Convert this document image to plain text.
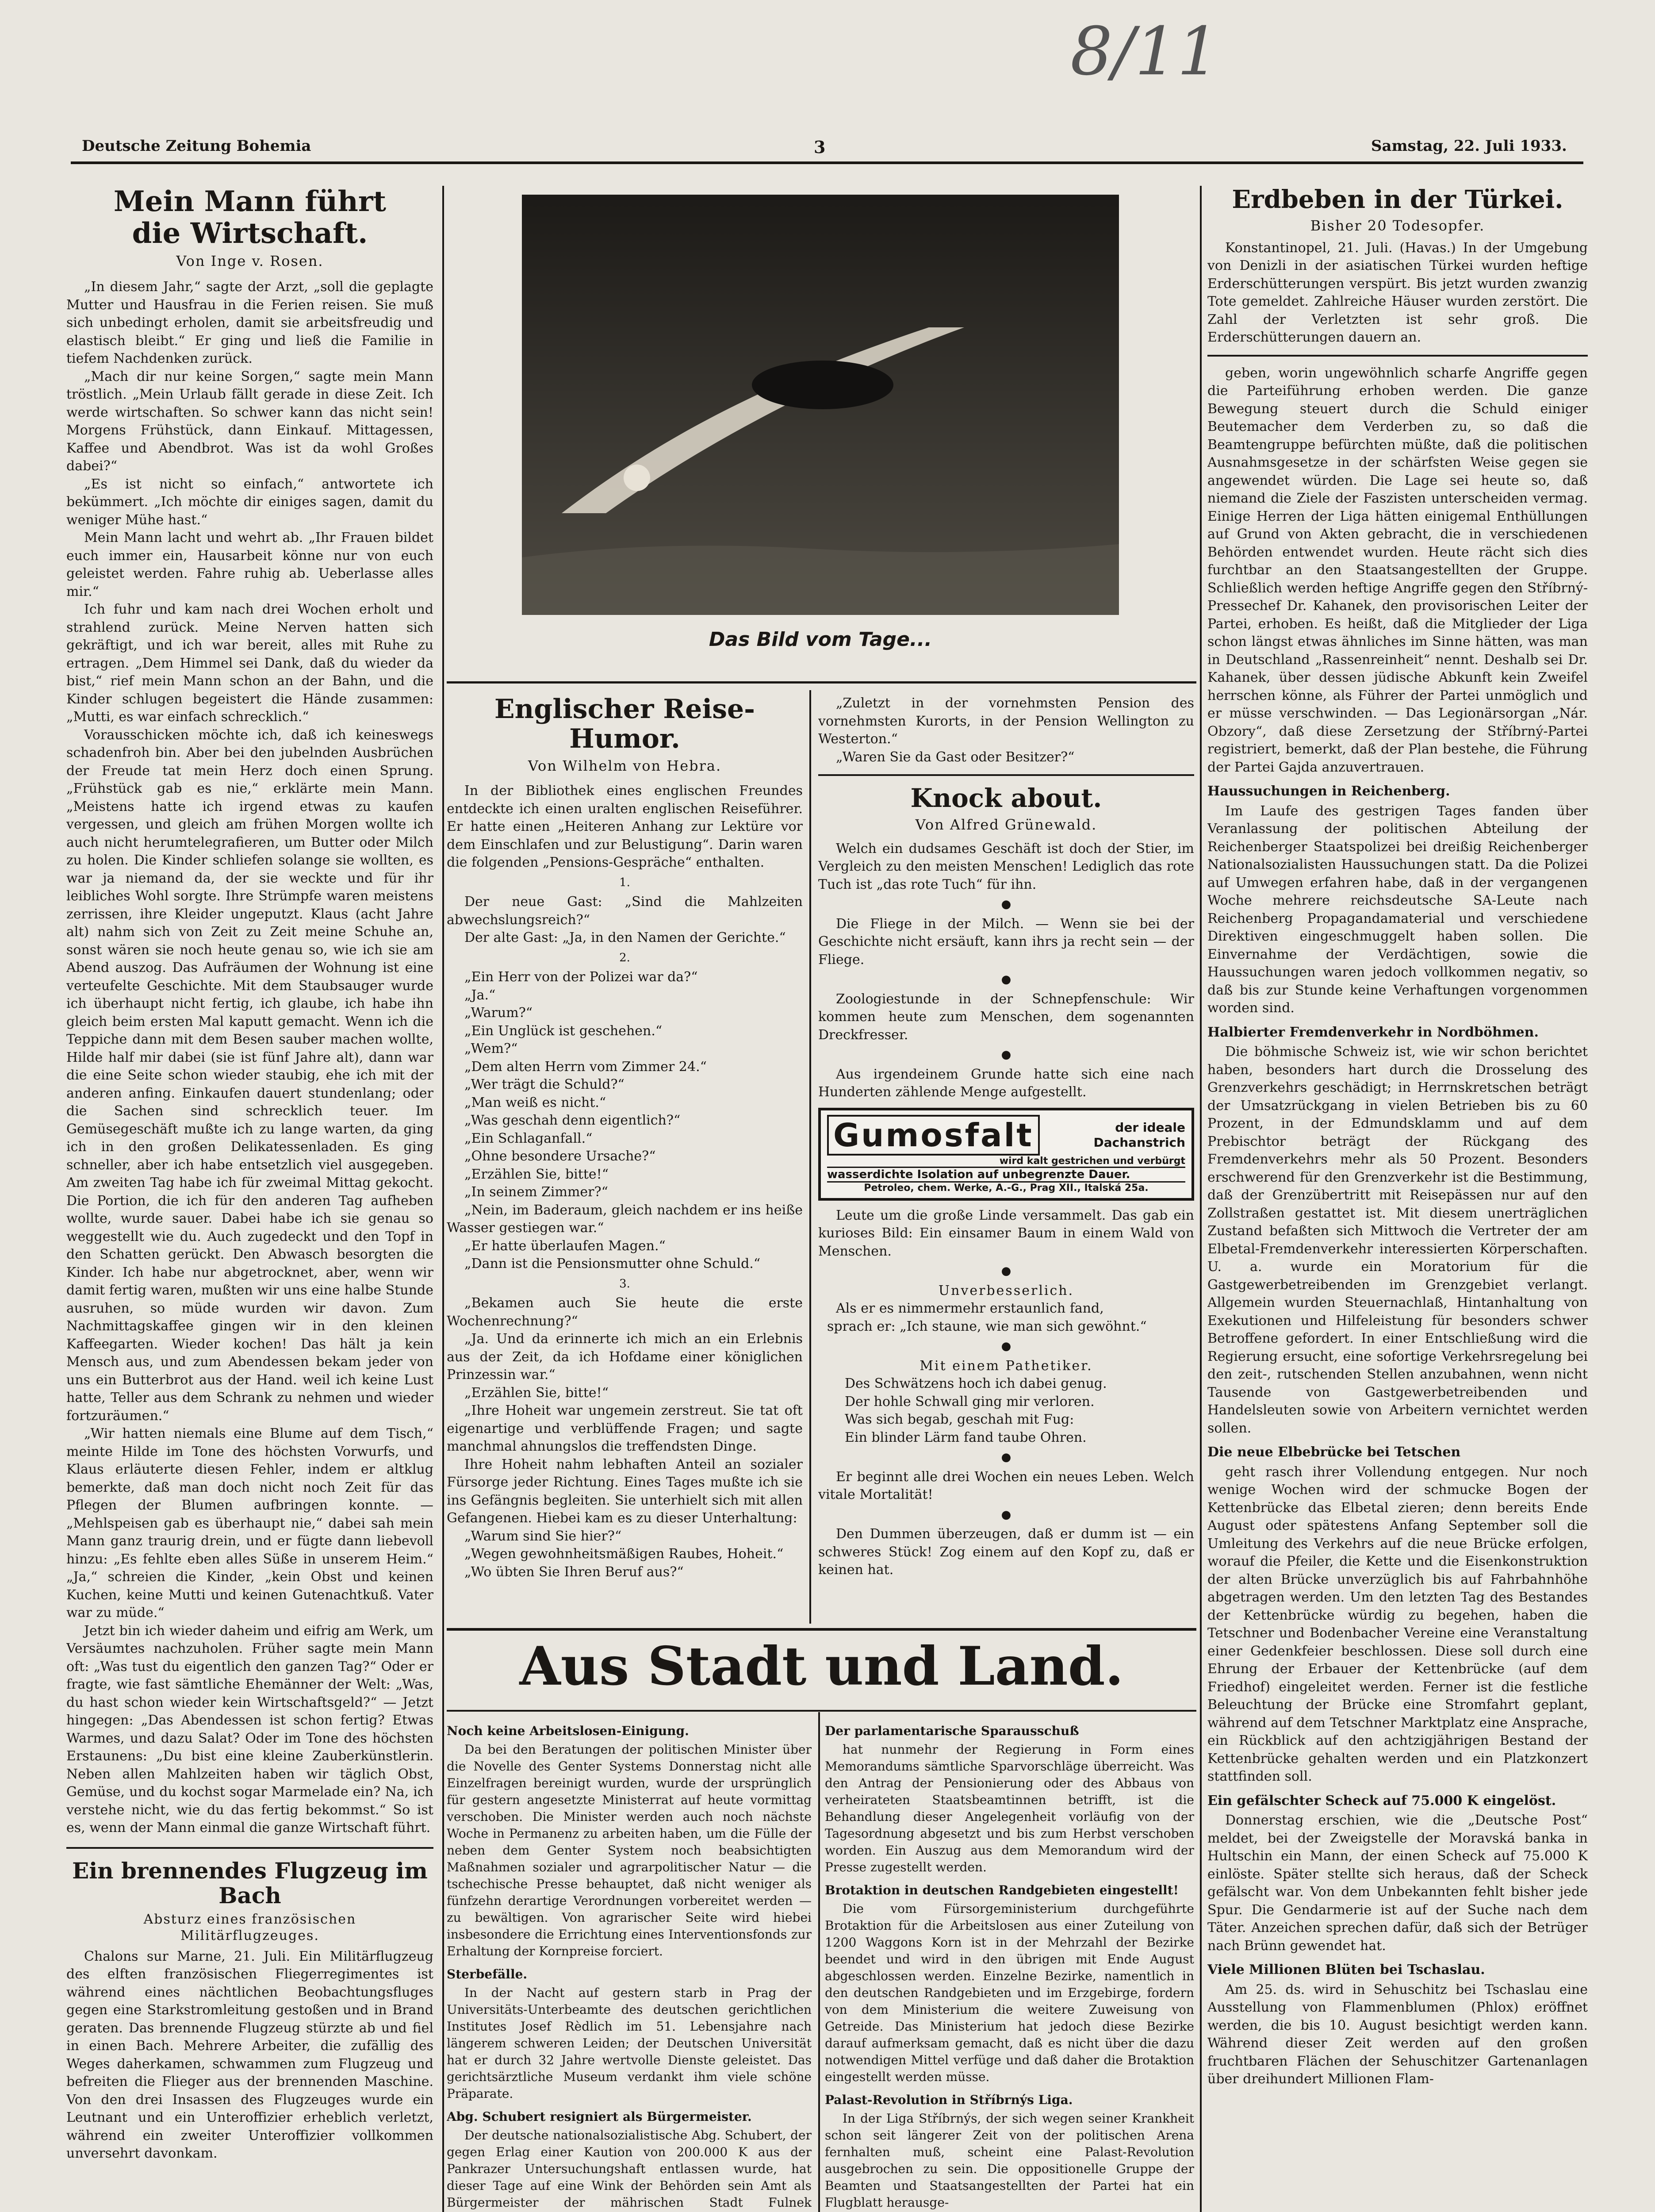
8/11
Deutsche Zeitung Bohemia	3	Samstag, 22. Juli 1933.
Mein Mann führt
die Wirtschaft.
Von Inge v. Rosen.

„In diesem Jahr,“ sagte der Arzt, „soll die geplagte Mutter und Hausfrau in die Ferien reisen. Sie muß sich unbedingt erholen, damit sie arbeitsfreudig und elastisch bleibt.“ Er ging und ließ die Familie in tiefem Nachdenken zurück.

„Mach dir nur keine Sorgen,“ sagte mein Mann tröstlich. „Mein Urlaub fällt gerade in diese Zeit. Ich werde wirtschaften. So schwer kann das nicht sein! Morgens Frühstück, dann Einkauf. Mittagessen, Kaffee und Abendbrot. Was ist da wohl Großes dabei?“

„Es ist nicht so einfach,“ antwortete ich bekümmert. „Ich möchte dir einiges sagen, damit du weniger Mühe hast.“

Mein Mann lacht und wehrt ab. „Ihr Frauen bildet euch immer ein, Hausarbeit könne nur von euch geleistet werden. Fahre ruhig ab. Ueberlasse alles mir.“

Ich fuhr und kam nach drei Wochen erholt und strahlend zurück. Meine Nerven hatten sich gekräftigt, und ich war bereit, alles mit Ruhe zu ertragen. „Dem Himmel sei Dank, daß du wieder da bist,“ rief mein Mann schon an der Bahn, und die Kinder schlugen begeistert die Hände zusammen: „Mutti, es war einfach schrecklich.“

Vorausschicken möchte ich, daß ich keineswegs schadenfroh bin. Aber bei den jubelnden Ausbrüchen der Freude tat mein Herz doch einen Sprung. „Frühstück gab es nie,“ erklärte mein Mann. „Meistens hatte ich irgend etwas zu kaufen vergessen, und gleich am frühen Morgen wollte ich auch nicht herumtelegrafieren, um Butter oder Milch zu holen. Die Kinder schliefen solange sie wollten, es war ja niemand da, der sie weckte und für ihr leibliches Wohl sorgte. Ihre Strümpfe waren meistens zerrissen, ihre Kleider ungeputzt. Klaus (acht Jahre alt) nahm sich von Zeit zu Zeit meine Schuhe an, sonst wären sie noch heute genau so, wie ich sie am Abend auszog. Das Aufräumen der Wohnung ist eine verteufelte Geschichte. Mit dem Staubsauger wurde ich überhaupt nicht fertig, ich glaube, ich habe ihn gleich beim ersten Mal kaputt gemacht. Wenn ich die Teppiche dann mit dem Besen sauber machen wollte, Hilde half mir dabei (sie ist fünf Jahre alt), dann war die eine Seite schon wieder staubig, ehe ich mit der anderen anfing. Einkaufen dauert stundenlang; oder die Sachen sind schrecklich teuer. Im Gemüsegeschäft mußte ich zu lange warten, da ging ich in den großen Delikatessenladen. Es ging schneller, aber ich habe entsetzlich viel ausgegeben. Am zweiten Tag habe ich für zweimal Mittag gekocht. Die Portion, die ich für den anderen Tag aufheben wollte, wurde sauer. Dabei habe ich sie genau so weggestellt wie du. Auch zugedeckt und den Topf in den Schatten gerückt. Den Abwasch besorgten die Kinder. Ich habe nur abgetrocknet, aber, wenn wir damit fertig waren, mußten wir uns eine halbe Stunde ausruhen, so müde wurden wir davon. Zum Nachmittagskaffee gingen wir in den kleinen Kaffeegarten. Wieder kochen! Das hält ja kein Mensch aus, und zum Abendessen bekam jeder von uns ein Butterbrot aus der Hand. weil ich keine Lust hatte, Teller aus dem Schrank zu nehmen und wieder fortzuräumen.“

„Wir hatten niemals eine Blume auf dem Tisch,“ meinte Hilde im Tone des höchsten Vorwurfs, und Klaus erläuterte diesen Fehler, indem er altklug bemerkte, daß man doch nicht noch Zeit für das Pflegen der Blumen aufbringen konnte. — „Mehlspeisen gab es überhaupt nie,“ dabei sah mein Mann ganz traurig drein, und er fügte dann liebevoll hinzu: „Es fehlte eben alles Süße in unserem Heim.“ „Ja,“ schreien die Kinder, „kein Obst und keinen Kuchen, keine Mutti und keinen Gutenachtkuß. Vater war zu müde.“

Jetzt bin ich wieder daheim und eifrig am Werk, um Versäumtes nachzuholen. Früher sagte mein Mann oft: „Was tust du eigentlich den ganzen Tag?“ Oder er fragte, wie fast sämtliche Ehemänner der Welt: „Was, du hast schon wieder kein Wirtschaftsgeld?“ — Jetzt hingegen: „Das Abendessen ist schon fertig? Etwas Warmes, und dazu Salat? Oder im Tone des höchsten Erstaunens: „Du bist eine kleine Zauberkünstlerin. Neben allen Mahlzeiten haben wir täglich Obst, Gemüse, und du kochst sogar Marmelade ein? Na, ich verstehe nicht, wie du das fertig bekommst.“ So ist es, wenn der Mann einmal die ganze Wirtschaft führt.

Ein brennendes Flugzeug im Bach
Absturz eines französischen
Militärflugzeuges.

Chalons sur Marne, 21. Juli. Ein Militärflugzeug des elften französischen Fliegerregimentes ist während eines nächtlichen Beobachtungsfluges gegen eine Starkstromleitung gestoßen und in Brand geraten. Das brennende Flugzeug stürzte ab und fiel in einen Bach. Mehrere Arbeiter, die zufällig des Weges daherkamen, schwammen zum Flugzeug und befreiten die Flieger aus der brennenden Maschine. Von den drei Insassen des Flugzeuges wurde ein Leutnant und ein Unteroffizier erheblich verletzt, während ein zweiter Unteroffizier vollkommen unversehrt davonkam.

Das Bild vom Tage...
Englischer Reise-Humor.
Von Wilhelm von Hebra.

In der Bibliothek eines englischen Freundes entdeckte ich einen uralten englischen Reiseführer. Er hatte einen „Heiteren Anhang zur Lektüre vor dem Einschlafen und zur Belustigung“. Darin waren die folgenden „Pensions-Gespräche“ enthalten.

1.

Der neue Gast: „Sind die Mahlzeiten abwechslungsreich?“

Der alte Gast: „Ja, in den Namen der Gerichte.“

2.

„Ein Herr von der Polizei war da?“

„Ja.“

„Warum?“

„Ein Unglück ist geschehen.“

„Wem?“

„Dem alten Herrn vom Zimmer 24.“

„Wer trägt die Schuld?“

„Man weiß es nicht.“

„Was geschah denn eigentlich?“

„Ein Schlaganfall.“

„Ohne besondere Ursache?“

„Erzählen Sie, bitte!“

„In seinem Zimmer?“

„Nein, im Baderaum, gleich nachdem er ins heiße Wasser gestiegen war.“

„Er hatte überlaufen Magen.“

„Dann ist die Pensionsmutter ohne Schuld.“

3.

„Bekamen auch Sie heute die erste Wochenrechnung?“

„Ja. Und da erinnerte ich mich an ein Erlebnis aus der Zeit, da ich Hofdame einer königlichen Prinzessin war.“

„Erzählen Sie, bitte!“

„Ihre Hoheit war ungemein zerstreut. Sie tat oft eigenartige und verblüffende Fragen; und sagte manchmal ahnungslos die treffendsten Dinge.

Ihre Hoheit nahm lebhaften Anteil an sozialer Fürsorge jeder Richtung. Eines Tages mußte ich sie ins Gefängnis begleiten. Sie unterhielt sich mit allen Gefangenen. Hiebei kam es zu dieser Unterhaltung:

„Warum sind Sie hier?“

„Wegen gewohnheitsmäßigen Raubes, Hoheit.“

„Wo übten Sie Ihren Beruf aus?“

„Zuletzt in der vornehmsten Pension des vornehmsten Kurorts, in der Pension Wellington zu Westerton.“

„Waren Sie da Gast oder Besitzer?“

Knock about.
Von Alfred Grünewald.

Welch ein dudsames Geschäft ist doch der Stier, im Vergleich zu den meisten Menschen! Lediglich das rote Tuch ist „das rote Tuch“ für ihn.

●

Die Fliege in der Milch. — Wenn sie bei der Geschichte nicht ersäuft, kann ihrs ja recht sein — der Fliege.

●

Zoologiestunde in der Schnepfenschule: Wir kommen heute zum Menschen, dem sogenannten Dreckfresser.

●

Aus irgendeinem Grunde hatte sich eine nach Hunderten zählende Menge aufgestellt.

Gumosfalt	der ideale
Dachanstrich
wird kalt gestrichen und verbürgt
wasserdichte Isolation auf unbegrenzte Dauer.
Petroleo, chem. Werke, A.-G., Prag XII., Italská 25a.

Leute um die große Linde versammelt. Das gab ein kurioses Bild: Ein einsamer Baum in einem Wald von Menschen.

●
Unverbesserlich.
Als er es nimmermehr erstaunlich fand,
sprach er: „Ich staune, wie man sich gewöhnt.“
●
Mit einem Pathetiker.
Des Schwätzens hoch ich dabei genug.
Der hohle Schwall ging mir verloren.
Was sich begab, geschah mit Fug:
Ein blinder Lärm fand taube Ohren.
●

Er beginnt alle drei Wochen ein neues Leben. Welch vitale Mortalität!

●

Den Dummen überzeugen, daß er dumm ist — ein schweres Stück! Zog einem auf den Kopf zu, daß er keinen hat.

Aus Stadt und Land.
Noch keine Arbeitslosen-Einigung.

Da bei den Beratungen der politischen Minister über die Novelle des Genter Systems Donnerstag nicht alle Einzelfragen bereinigt wurden, wurde der ursprünglich für gestern angesetzte Ministerrat auf heute vormittag verschoben. Die Minister werden auch noch nächste Woche in Permanenz zu arbeiten haben, um die Fülle der neben dem Genter System noch beabsichtigten Maßnahmen sozialer und agrarpolitischer Natur — die tschechische Presse behauptet, daß nicht weniger als fünfzehn derartige Verordnungen vorbereitet werden — zu bewältigen. Von agrarischer Seite wird hiebei insbesondere die Errichtung eines Interventionsfonds zur Erhaltung der Kornpreise forciert.

Sterbefälle.

In der Nacht auf gestern starb in Prag der Universitäts-Unterbeamte des deutschen gerichtlichen Institutes Josef Rèdlich im 51. Lebensjahre nach längerem schweren Leiden; der Deutschen Universität hat er durch 32 Jahre wertvolle Dienste geleistet. Das gerichtsärztliche Museum verdankt ihm viele schöne Präparate.

Abg. Schubert resigniert als Bürgermeister.

Der deutsche nationalsozialistische Abg. Schubert, der gegen Erlag einer Kaution von 200.000 K aus der Pankrazer Untersuchungshaft entlassen wurde, hat dieser Tage auf eine Wink der Behörden sein Amt als Bürgermeister der mährischen Stadt Fulnek

Der parlamentarische Sparausschuß

hat nunmehr der Regierung in Form eines Memorandums sämtliche Sparvorschläge überreicht. Was den Antrag der Pensionierung oder des Abbaus von verheirateten Staatsbeamtinnen betrifft, ist die Behandlung dieser Angelegenheit vorläufig von der Tagesordnung abgesetzt und bis zum Herbst verschoben worden. Ein Auszug aus dem Memorandum wird der Presse zugestellt werden.

Brotaktion in deutschen Randgebieten eingestellt!

Die vom Fürsorgeministerium durchgeführte Brotaktion für die Arbeitslosen aus einer Zuteilung von 1200 Waggons Korn ist in der Mehrzahl der Bezirke beendet und wird in den übrigen mit Ende August abgeschlossen werden. Einzelne Bezirke, namentlich in den deutschen Randgebieten und im Erzgebirge, fordern von dem Ministerium die weitere Zuweisung von Getreide. Das Ministerium hat jedoch diese Bezirke darauf aufmerksam gemacht, daß es nicht über die dazu notwendigen Mittel verfüge und daß daher die Brotaktion eingestellt werden müsse.

Palast-Revolution in Stříbrnýs Liga.

In der Liga Stříbrnýs, der sich wegen seiner Krankheit schon seit längerer Zeit von der politischen Arena fernhalten muß, scheint eine Palast-Revolution ausgebrochen zu sein. Die oppositionelle Gruppe der Beamten und Staatsangestellten der Partei hat ein Flugblatt herausge-

Erdbeben in der Türkei.
Bisher 20 Todesopfer.

Konstantinopel, 21. Juli. (Havas.) In der Umgebung von Denizli in der asiatischen Türkei wurden heftige Erderschütterungen verspürt. Bis jetzt wurden zwanzig Tote gemeldet. Zahlreiche Häuser wurden zerstört. Die Zahl der Verletzten ist sehr groß. Die Erderschütterungen dauern an.

geben, worin ungewöhnlich scharfe Angriffe gegen die Parteiführung erhoben werden. Die ganze Bewegung steuert durch die Schuld einiger Beutemacher dem Verderben zu, so daß die Beamtengruppe befürchten müßte, daß die politischen Ausnahmsgesetze in der schärfsten Weise gegen sie angewendet würden. Die Lage sei heute so, daß niemand die Ziele der Faszisten unterscheiden vermag. Einige Herren der Liga hätten einigemal Enthüllungen auf Grund von Akten gebracht, die in verschiedenen Behörden entwendet wurden. Heute rächt sich dies furchtbar an den Staatsangestellten der Gruppe. Schließlich werden heftige Angriffe gegen den Stříbrný-Pressechef Dr. Kahanek, den provisorischen Leiter der Partei, erhoben. Es heißt, daß die Mitglieder der Liga schon längst etwas ähnliches im Sinne hätten, was man in Deutschland „Rassenreinheit“ nennt. Deshalb sei Dr. Kahanek, über dessen jüdische Abkunft kein Zweifel herrschen könne, als Führer der Partei unmöglich und er müsse verschwinden. — Das Legionärsorgan „Nár. Obzory“, daß diese Zersetzung der Stříbrný-Partei registriert, bemerkt, daß der Plan bestehe, die Führung der Partei Gajda anzuvertrauen.

Haussuchungen in Reichenberg.

Im Laufe des gestrigen Tages fanden über Veranlassung der politischen Abteilung der Reichenberger Staatspolizei bei dreißig Reichenberger Nationalsozialisten Haussuchungen statt. Da die Polizei auf Umwegen erfahren habe, daß in der vergangenen Woche mehrere reichsdeutsche SA-Leute nach Reichenberg Propagandamaterial und verschiedene Direktiven eingeschmuggelt haben sollen. Die Einvernahme der Verdächtigen, sowie die Haussuchungen waren jedoch vollkommen negativ, so daß bis zur Stunde keine Verhaftungen vorgenommen worden sind.

Halbierter Fremdenverkehr in Nordböhmen.

Die böhmische Schweiz ist, wie wir schon berichtet haben, besonders hart durch die Drosselung des Grenzverkehrs geschädigt; in Herrnskretschen beträgt der Umsatzrückgang in vielen Betrieben bis zu 60 Prozent, in der Edmundsklamm und auf dem Prebischtor beträgt der Rückgang des Fremdenverkehrs mehr als 50 Prozent. Besonders erschwerend für den Grenzverkehr ist die Bestimmung, daß der Grenzübertritt mit Reisepässen nur auf den Zollstraßen gestattet ist. Mit diesem unerträglichen Zustand befaßten sich Mittwoch die Vertreter der am Elbetal-Fremdenverkehr interessierten Körperschaften. U. a. wurde ein Moratorium für die Gastgewerbetreibenden im Grenzgebiet verlangt. Allgemein wurden Steuernachlaß, Hintanhaltung von Exekutionen und Hilfeleistung für besonders schwer Betroffene gefordert. In einer Entschließung wird die Regierung ersucht, eine sofortige Verkehrsregelung bei den zeit-, rutschenden Stellen anzubahnen, wenn nicht Tausende von Gastgewerbetreibenden und Handelsleuten sowie von Arbeitern vernichtet werden sollen.

Die neue Elbebrücke bei Tetschen

geht rasch ihrer Vollendung entgegen. Nur noch wenige Wochen wird der schmucke Bogen der Kettenbrücke das Elbetal zieren; denn bereits Ende August oder spätestens Anfang September soll die Umleitung des Verkehrs auf die neue Brücke erfolgen, worauf die Pfeiler, die Kette und die Eisenkonstruktion der alten Brücke unverzüglich bis auf Fahrbahnhöhe abgetragen werden. Um den letzten Tag des Bestandes der Kettenbrücke würdig zu begehen, haben die Tetschner und Bodenbacher Vereine eine Veranstaltung einer Gedenkfeier beschlossen. Diese soll durch eine Ehrung der Erbauer der Kettenbrücke (auf dem Friedhof) eingeleitet werden. Ferner ist die festliche Beleuchtung der Brücke eine Stromfahrt geplant, während auf dem Tetschner Marktplatz eine Ansprache, ein Rückblick auf den achtzigjährigen Bestand der Kettenbrücke gehalten werden und ein Platzkonzert stattfinden soll.

Ein gefälschter Scheck auf 75.000 K eingelöst.

Donnerstag erschien, wie die „Deutsche Post“ meldet, bei der Zweigstelle der Moravská banka in Hultschin ein Mann, der einen Scheck auf 75.000 K einlöste. Später stellte sich heraus, daß der Scheck gefälscht war. Von dem Unbekannten fehlt bisher jede Spur. Die Gendarmerie ist auf der Suche nach dem Täter. Anzeichen sprechen dafür, daß sich der Betrüger nach Brünn gewendet hat.

Viele Millionen Blüten bei Tschaslau.

Am 25. ds. wird in Sehuschitz bei Tschaslau eine Ausstellung von Flammenblumen (Phlox) eröffnet werden, die bis 10. August besichtigt werden kann. Während dieser Zeit werden auf den großen fruchtbaren Flächen der Sehuschitzer Gartenanlagen über dreihundert Millionen Flam-
